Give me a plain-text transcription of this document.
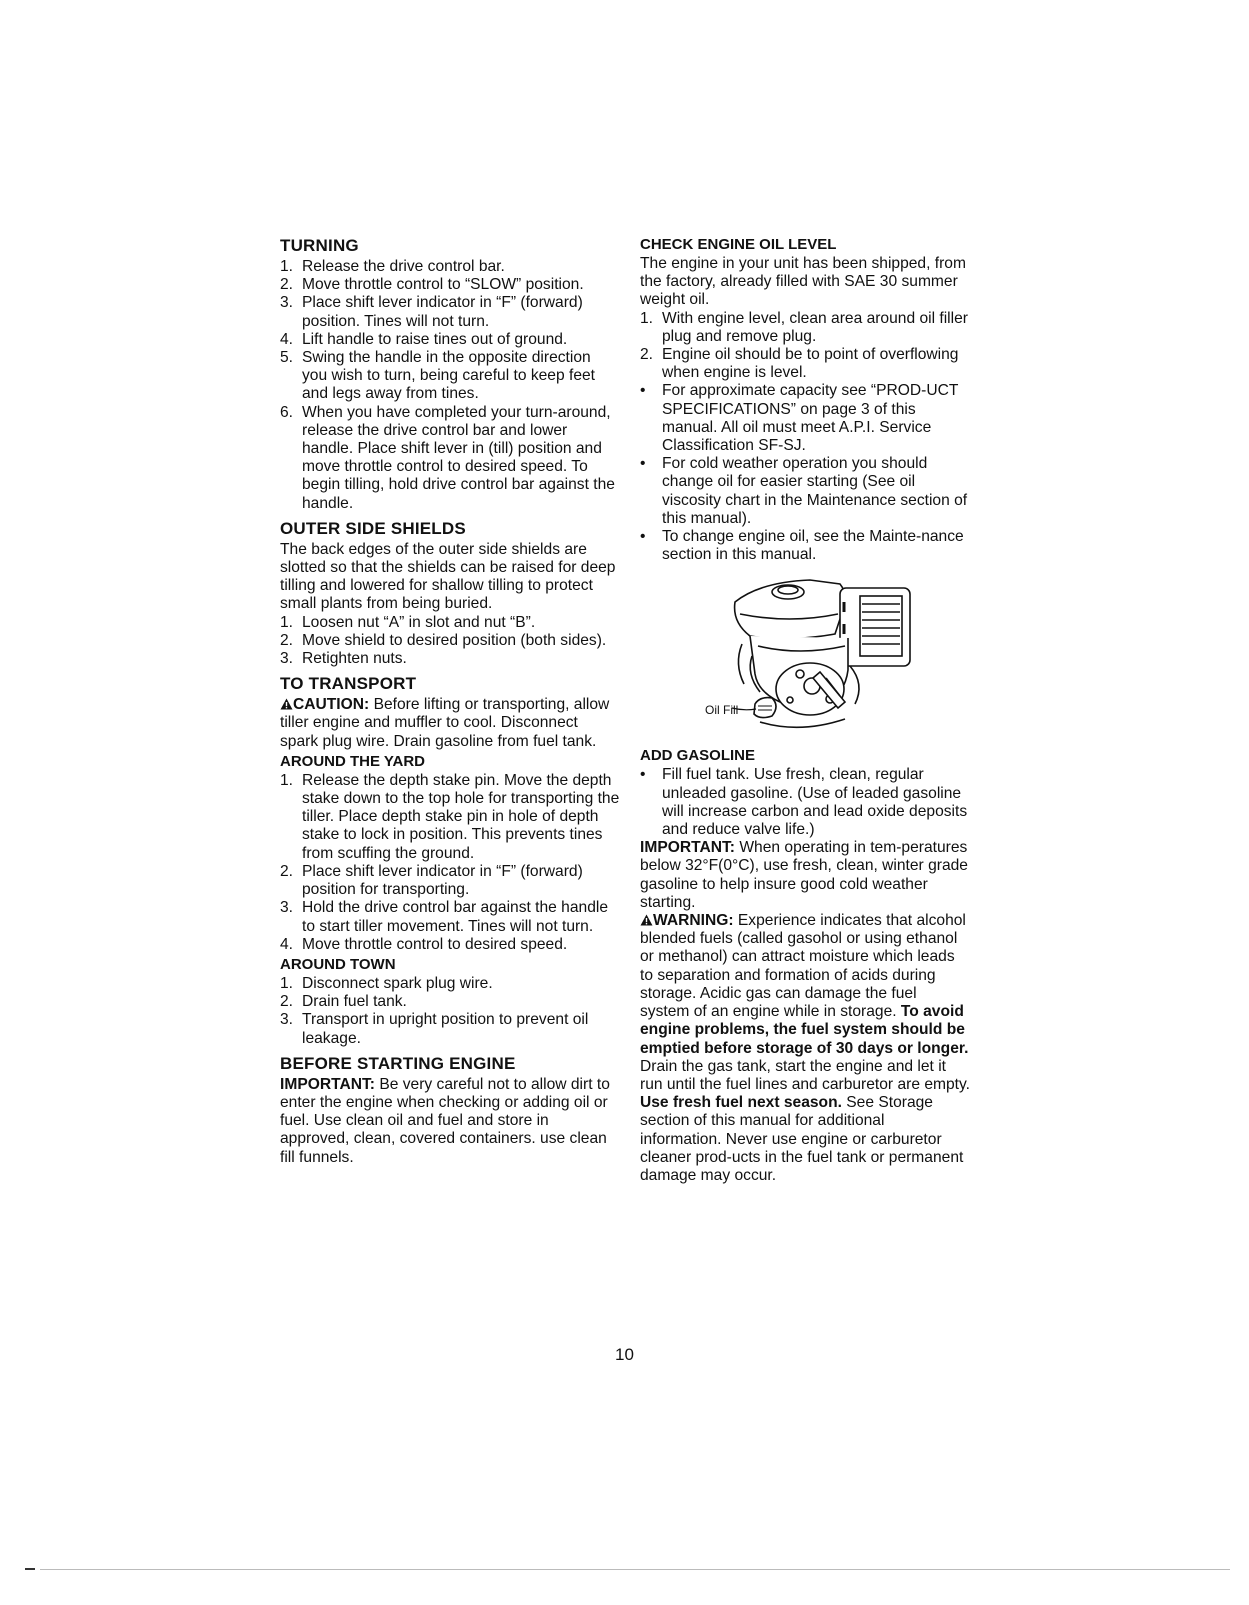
TURNING
1. Release the drive control bar.
2. Move throttle control to “SLOW” position.
3. Place shift lever indicator in “F” (forward) position. Tines will not turn.
4. Lift handle to raise tines out of ground.
5. Swing the handle in the opposite direction you wish to turn, being careful to keep feet and legs away from tines.
6. When you have completed your turn-around, release the drive control bar and lower handle. Place shift lever in (till) position and move throttle control to desired speed. To begin tilling, hold drive control bar against the handle.
OUTER SIDE SHIELDS

The back edges of the outer side shields are slotted so that the shields can be raised for deep tilling and lowered for shallow tilling to protect small plants from being buried.

1. Loosen nut “A” in slot and nut “B”.
2. Move shield to desired position (both sides).
3. Retighten nuts.
TO TRANSPORT

CAUTION: Before lifting or transporting, allow tiller engine and muffler to cool. Disconnect spark plug wire. Drain gasoline from fuel tank.

AROUND THE YARD
1. Release the depth stake pin. Move the depth stake down to the top hole for transporting the tiller. Place depth stake pin in hole of depth stake to lock in position. This prevents tines from scuffing the ground.
2. Place shift lever indicator in “F” (forward) position for transporting.
3. Hold the drive control bar against the handle to start tiller movement. Tines will not turn.
4. Move throttle control to desired speed.
AROUND TOWN
1. Disconnect spark plug wire.
2. Drain fuel tank.
3. Transport in upright position to prevent oil leakage.
BEFORE STARTING ENGINE

IMPORTANT: Be very careful not to allow dirt to enter the engine when checking or adding oil or fuel. Use clean oil and fuel and store in approved, clean, covered containers. use clean fill funnels.

CHECK ENGINE OIL LEVEL

The engine in your unit has been shipped, from the factory, already filled with SAE 30 summer weight oil.

1. With engine level, clean area around oil filler plug and remove plug.
2. Engine oil should be to point of overflowing when engine is level.
• For approximate capacity see “PROD-UCT SPECIFICATIONS” on page 3 of this manual. All oil must meet A.P.I. Service Classification SF-SJ.
• For cold weather operation you should change oil for easier starting (See oil viscosity chart in the Maintenance section of this manual).
• To change engine oil, see the Mainte-nance section in this manual.
Oil Fill
ADD GASOLINE
• Fill fuel tank. Use fresh, clean, regular unleaded gasoline. (Use of leaded gasoline will increase carbon and lead oxide deposits and reduce valve life.)

IMPORTANT: When operating in tem-peratures below 32°F(0°C), use fresh, clean, winter grade gasoline to help insure good cold weather starting.

WARNING: Experience indicates that alcohol blended fuels (called gasohol or using ethanol or methanol) can attract moisture which leads to separation and formation of acids during storage. Acidic gas can damage the fuel system of an engine while in storage. To avoid engine problems, the fuel system should be emptied before storage of 30 days or longer. Drain the gas tank, start the engine and let it run until the fuel lines and carburetor are empty. Use fresh fuel next season. See Storage section of this manual for additional information. Never use engine or carburetor cleaner prod-ucts in the fuel tank or permanent damage may occur.

10
